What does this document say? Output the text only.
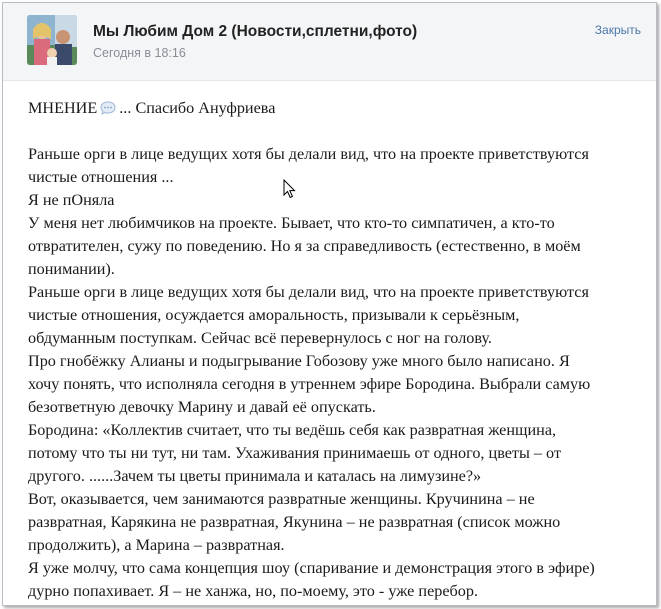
Мы Любим Дом 2 (Новости,сплетни,фото)
Сегодня в 18:16
Закрыть
МНЕНИЕ ... Спасибо Ануфриева
Раньше орги в лице ведущих хотя бы делали вид, что на проекте приветствуются
чистые отношения ...
Я не пОняла
У меня нет любимчиков на проекте. Бывает, что кто-то симпатичен, а кто-то
отвратителен, сужу по поведению. Но я за справедливость (естественно, в моём
понимании).
Раньше орги в лице ведущих хотя бы делали вид, что на проекте приветствуются
чистые отношения, осуждается аморальность, призывали к серьёзным,
обдуманным поступкам. Сейчас всё перевернулось с ног на голову.
Про гнобёжку Алианы и подыгрывание Гобозову уже много было написано. Я
хочу понять, что исполняла сегодня в утреннем эфире Бородина. Выбрали самую
безответную девочку Марину и давай её опускать.
Бородина: «Коллектив считает, что ты ведёшь себя как развратная женщина,
потому что ты ни тут, ни там. Ухаживания принимаешь от одного, цветы – от
другого. ......Зачем ты цветы принимала и каталась на лимузине?»
Вот, оказывается, чем занимаются развратные женщины. Кручинина – не
развратная, Карякина не развратная, Якунина – не развратная (список можно
продолжить), а Марина – развратная.
Я уже молчу, что сама концепция шоу (спаривание и демонстрация этого в эфире)
дурно попахивает. Я – не ханжа, но, по-моему, это - уже перебор.
